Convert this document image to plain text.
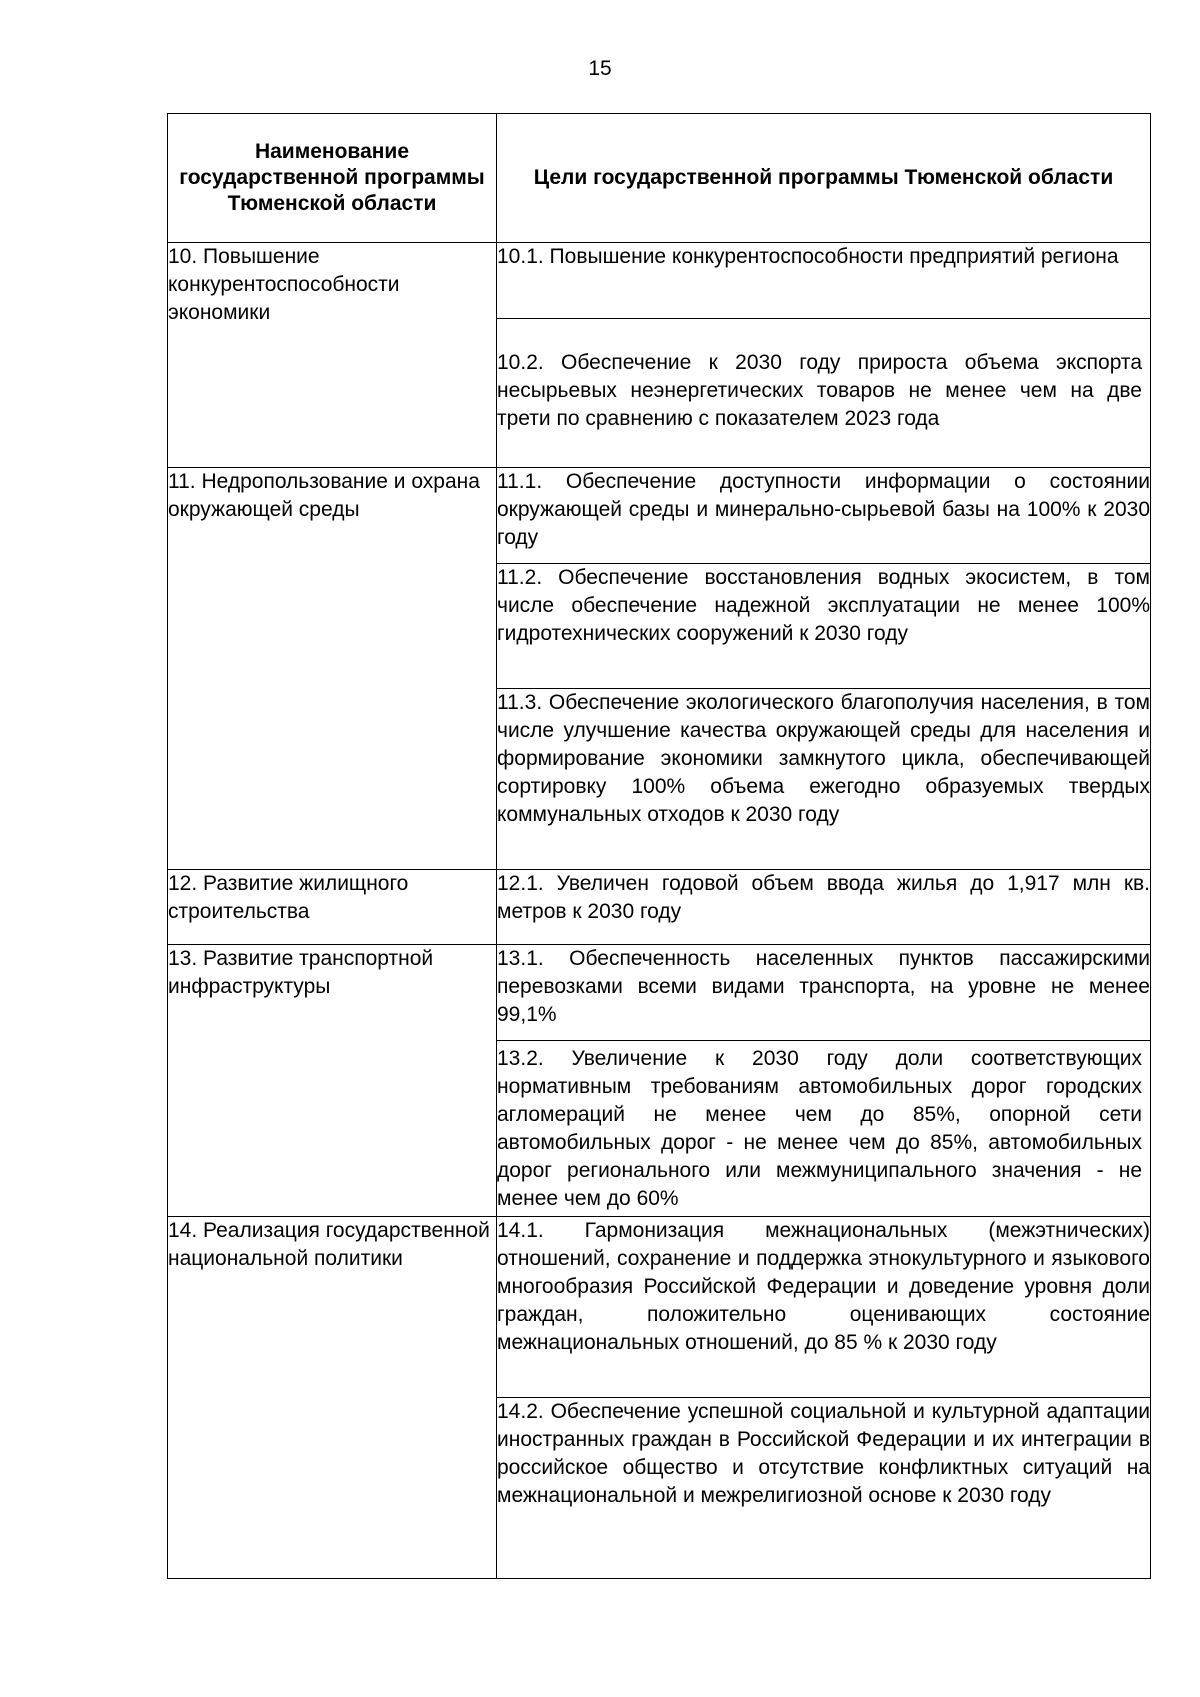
15
Наименование государственной программы Тюменской области	Цели государственной программы Тюменской области

10. Повышение конкурентоспособности экономики	10.1. Повышение конкурентоспособности предприятий региона

	10.2. Обеспечение к 2030 году прироста объема экспорта несырьевых неэнергетических товаров не менее чем на две трети по сравнению с показателем 2023 года

11. Недропользование и охрана окружающей среды	11.1. Обеспечение доступности информации о состоянии окружающей среды и минерально-сырьевой базы на 100% к 2030 году

	11.2. Обеспечение восстановления водных экосистем, в том числе обеспечение надежной эксплуатации не менее 100% гидротехнических сооружений к 2030 году

	11.3. Обеспечение экологического благополучия населения, в том числе улучшение качества окружающей среды для населения и формирование экономики замкнутого цикла, обеспечивающей сортировку 100% объема ежегодно образуемых твердых коммунальных отходов к 2030 году

12. Развитие жилищного строительства	12.1. Увеличен годовой объем ввода жилья до 1,917 млн кв. метров к 2030 году

13. Развитие транспортной инфраструктуры	13.1. Обеспеченность населенных пунктов пассажирскими перевозками всеми видами транспорта, на уровне не менее 99,1%

	13.2. Увеличение к 2030 году доли соответствующих нормативным требованиям автомобильных дорог городских агломераций не менее чем до 85%, опорной сети автомобильных дорог - не менее чем до 85%, автомобильных дорог регионального или межмуниципального значения - не менее чем до 60%

14. Реализация государственной национальной политики	14.1. Гармонизация межнациональных (межэтнических) отношений, сохранение и поддержка этнокультурного и языкового многообразия Российской Федерации и доведение уровня доли граждан, положительно оценивающих состояние межнациональных отношений, до 85 % к 2030 году

	14.2. Обеспечение успешной социальной и культурной адаптации иностранных граждан в Российской Федерации и их интеграции в российское общество и отсутствие конфликтных ситуаций на межнациональной и межрелигиозной основе к 2030 году
